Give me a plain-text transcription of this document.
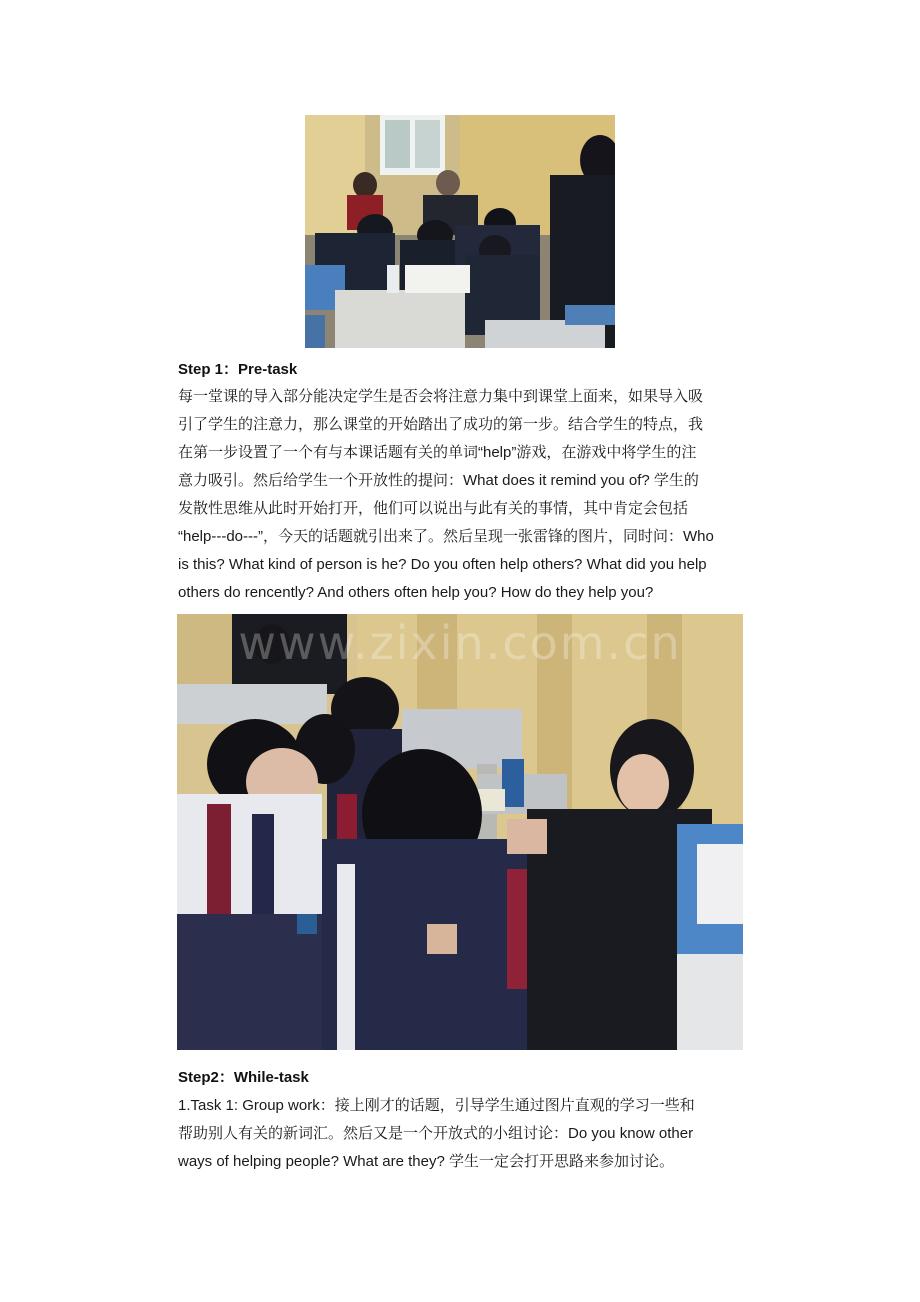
Step 1：Pre-task
每一堂课的导入部分能决定学生是否会将注意力集中到课堂上面来，如果导入吸
引了学生的注意力，那么课堂的开始踏出了成功的第一步。结合学生的特点，我
在第一步设置了一个有与本课话题有关的单词“help”游戏，在游戏中将学生的注
意力吸引。然后给学生一个开放性的提问：What does it remind you of? 学生的
发散性思维从此时开始打开，他们可以说出与此有关的事情，其中肯定会包括
“help---do---”，今天的话题就引出来了。然后呈现一张雷锋的图片，同时问：Who
is this? What kind of person is he? Do you often help others? What did you help
others do rencently? And others often help you? How do they help you?
www.zixin.com.cn
Step2：While-task
1.Task 1: Group work：接上刚才的话题，引导学生通过图片直观的学习一些和
帮助别人有关的新词汇。然后又是一个开放式的小组讨论：Do you know other
ways of helping people? What are they? 学生一定会打开思路来参加讨论。
